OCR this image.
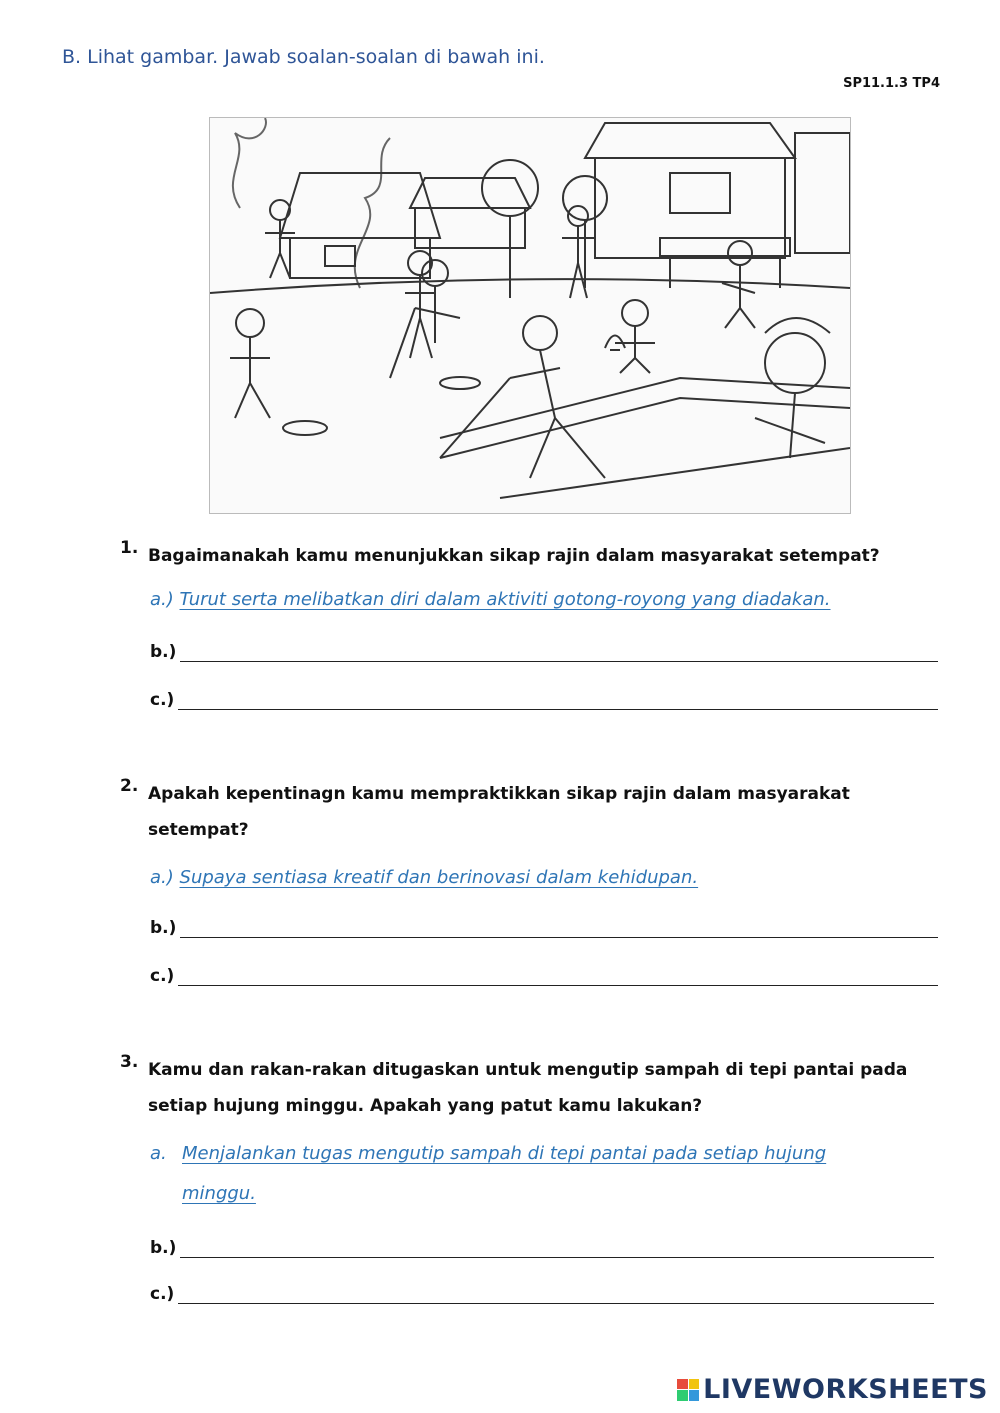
B. Lihat gambar. Jawab soalan-soalan di bawah ini.
SP11.1.3 TP4
1. Bagaimanakah kamu menunjukkan sikap rajin dalam masyarakat setempat?
a.) Turut serta melibatkan diri dalam aktiviti gotong-royong yang diadakan.
b.)
c.)
2. Apakah kepentinagn kamu mempraktikkan sikap rajin dalam masyarakat
setempat?
a.) Supaya sentiasa kreatif dan berinovasi dalam kehidupan.
b.)
c.)
3. Kamu dan rakan-rakan ditugaskan untuk mengutip sampah di tepi pantai pada
setiap hujung minggu. Apakah yang patut kamu lakukan?
a. Menjalankan tugas mengutip sampah di tepi pantai pada setiap hujung
minggu.
b.)
c.)
LIVEWORKSHEETS
